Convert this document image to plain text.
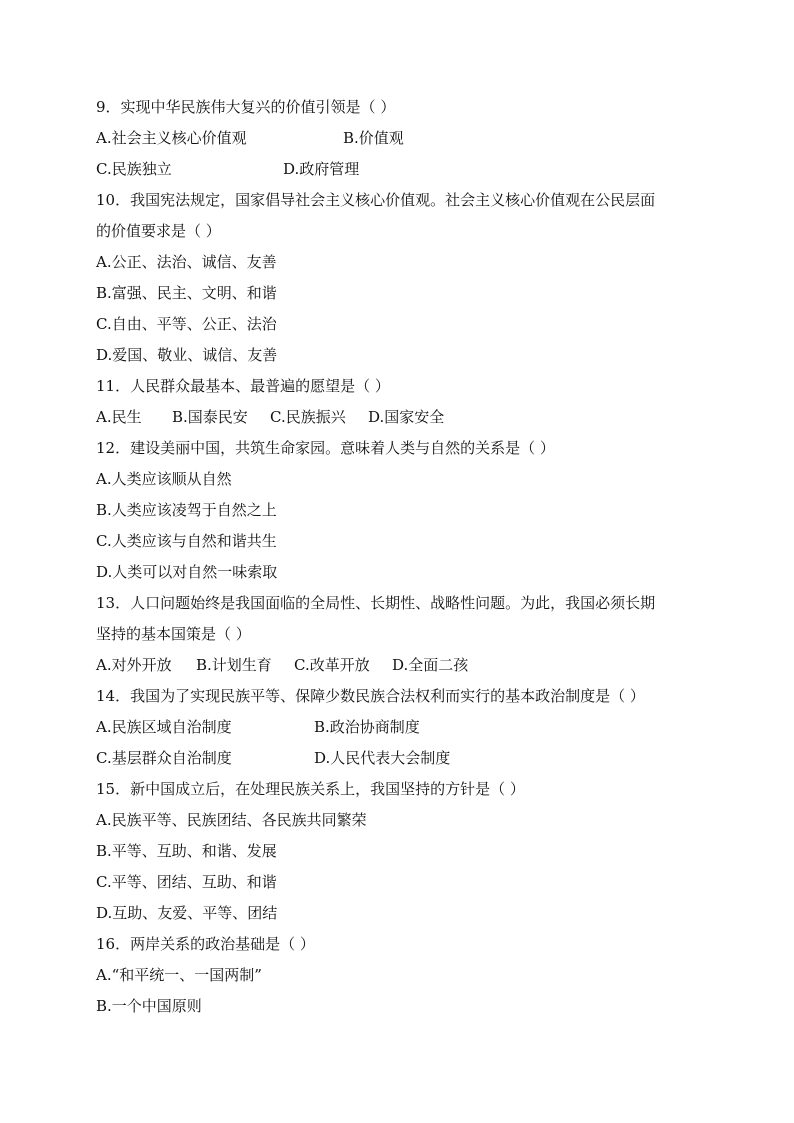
9．实现中华民族伟大复兴的价值引领是（ ）
A.社会主义核心价值观	B.价值观
C.民族独立	D.政府管理
10．我国宪法规定，国家倡导社会主义核心价值观。社会主义核心价值观在公民层面
的价值要求是（ ）
A.公正、法治、诚信、友善
B.富强、民主、文明、和谐
C.自由、平等、公正、法治
D.爱国、敬业、诚信、友善
11．人民群众最基本、最普遍的愿望是（ ）
A.民生	B.国泰民安	C.民族振兴	D.国家安全
12．建设美丽中国，共筑生命家园。意味着人类与自然的关系是（ ）
A.人类应该顺从自然
B.人类应该凌驾于自然之上
C.人类应该与自然和谐共生
D.人类可以对自然一味索取
13．人口问题始终是我国面临的全局性、长期性、战略性问题。为此，我国必须长期
坚持的基本国策是（ ）
A.对外开放	B.计划生育	C.改革开放	D.全面二孩
14．我国为了实现民族平等、保障少数民族合法权利而实行的基本政治制度是（ ）
A.民族区域自治制度	B.政治协商制度
C.基层群众自治制度	D.人民代表大会制度
15．新中国成立后，在处理民族关系上，我国坚持的方针是（ ）
A.民族平等、民族团结、各民族共同繁荣
B.平等、互助、和谐、发展
C.平等、团结、互助、和谐
D.互助、友爱、平等、团结
16．两岸关系的政治基础是（ ）
A.“和平统一、一国两制”
B.一个中国原则
